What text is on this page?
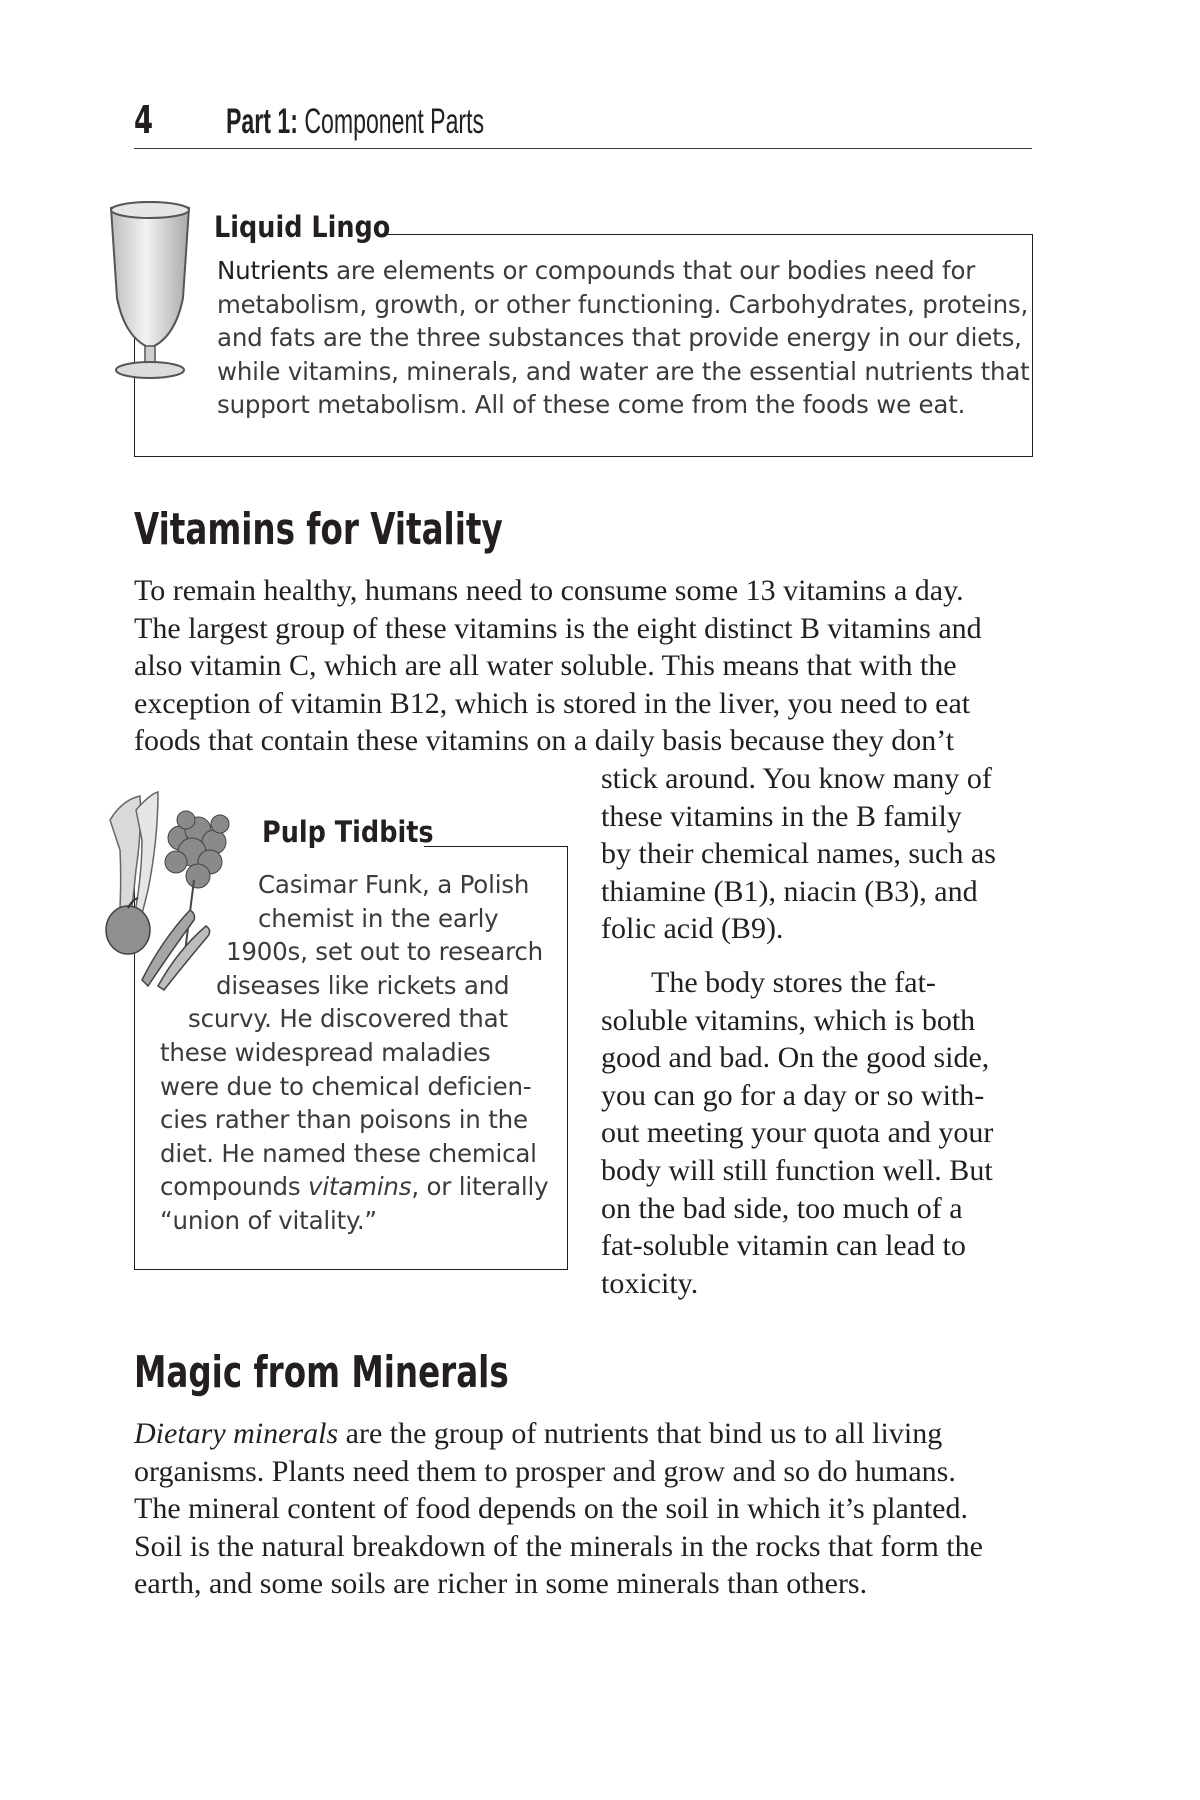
4 Part 1: Component Parts
Liquid Lingo

Nutrients are elements or compounds that our bodies need for
metabolism, growth, or other functioning. Carbohydrates, proteins,
and fats are the three substances that provide energy in our diets,
while vitamins, minerals, and water are the essential nutrients that
support metabolism. All of these come from the foods we eat.

Vitamins for Vitality

To remain healthy, humans need to consume some 13 vitamins a day.
The largest group of these vitamins is the eight distinct B vitamins and
also vitamin C, which are all water soluble. This means that with the
exception of vitamin B12, which is stored in the liver, you need to eat
foods that contain these vitamins on a daily basis because they don’t

stick around. You know many of
these vitamins in the B family
by their chemical names, such as
thiamine (B1), niacin (B3), and
folic acid (B9).
The body stores the fat-
soluble vitamins, which is both
good and bad. On the good side,
you can go for a day or so with-
out meeting your quota and your
body will still function well. But
on the bad side, too much of a
fat-soluble vitamin can lead to
toxicity.
Pulp Tidbits
Casimar Funk, a Polish
chemist in the early
1900s, set out to research
diseases like rickets and
scurvy. He discovered that
these widespread maladies
were due to chemical deficien-
cies rather than poisons in the
diet. He named these chemical
compounds vitamins, or literally
“union of vitality.”
Magic from Minerals

Dietary minerals are the group of nutrients that bind us to all living
organisms. Plants need them to prosper and grow and so do humans.
The mineral content of food depends on the soil in which it’s planted.
Soil is the natural breakdown of the minerals in the rocks that form the
earth, and some soils are richer in some minerals than others.
